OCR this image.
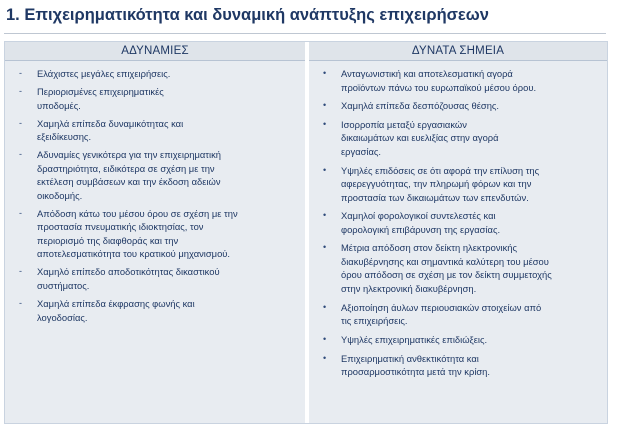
1. Επιχειρηματικότητα και δυναμική ανάπτυξης επιχειρήσεων
ΑΔΥΝΑΜΙΕΣ
-	Ελάχιστες μεγάλες επιχειρήσεις.
-	Περιορισμένες επιχειρηματικές
υποδομές.
-	Χαμηλά επίπεδα δυναμικότητας και
εξειδίκευσης.
-	Αδυναμίες γενικότερα για την επιχειρηματική
δραστηριότητα, ειδικότερα σε σχέση με την
εκτέλεση συμβάσεων και την έκδοση αδειών
οικοδομής.
-	Απόδοση κάτω του μέσου όρου σε σχέση με την
προστασία πνευματικής ιδιοκτησίας, τον
περιορισμό της διαφθοράς και την
αποτελεσματικότητα του κρατικού μηχανισμού.
-	Χαμηλό επίπεδο αποδοτικότητας δικαστικού
συστήματος.
-	Χαμηλά επίπεδα έκφρασης φωνής και
λογοδοσίας.
ΔΥΝΑΤΑ ΣΗΜΕΙΑ
•	Ανταγωνιστική και αποτελεσματική αγορά
προϊόντων πάνω του ευρωπαϊκού μέσου όρου.
•	Χαμηλά επίπεδα δεσπόζουσας θέσης.
•	Ισορροπία μεταξύ εργασιακών
δικαιωμάτων και ευελιξίας στην αγορά
εργασίας.
•	Υψηλές επιδόσεις σε ότι αφορά την επίλυση της
αφερεγγυότητας, την πληρωμή φόρων και την
προστασία των δικαιωμάτων των επενδυτών.
•	Χαμηλοί φορολογικοί συντελεστές και
φορολογική επιβάρυνση της εργασίας.
•	Μέτρια απόδοση στον δείκτη ηλεκτρονικής
διακυβέρνησης και σημαντικά καλύτερη του μέσου
όρου απόδοση σε σχέση με τον δείκτη συμμετοχής
στην ηλεκτρονική διακυβέρνηση.
•	Αξιοποίηση άυλων περιουσιακών στοιχείων από
τις επιχειρήσεις.
•	Υψηλές επιχειρηματικές επιδιώξεις.
•	Επιχειρηματική ανθεκτικότητα και
προσαρμοστικότητα μετά την κρίση.
